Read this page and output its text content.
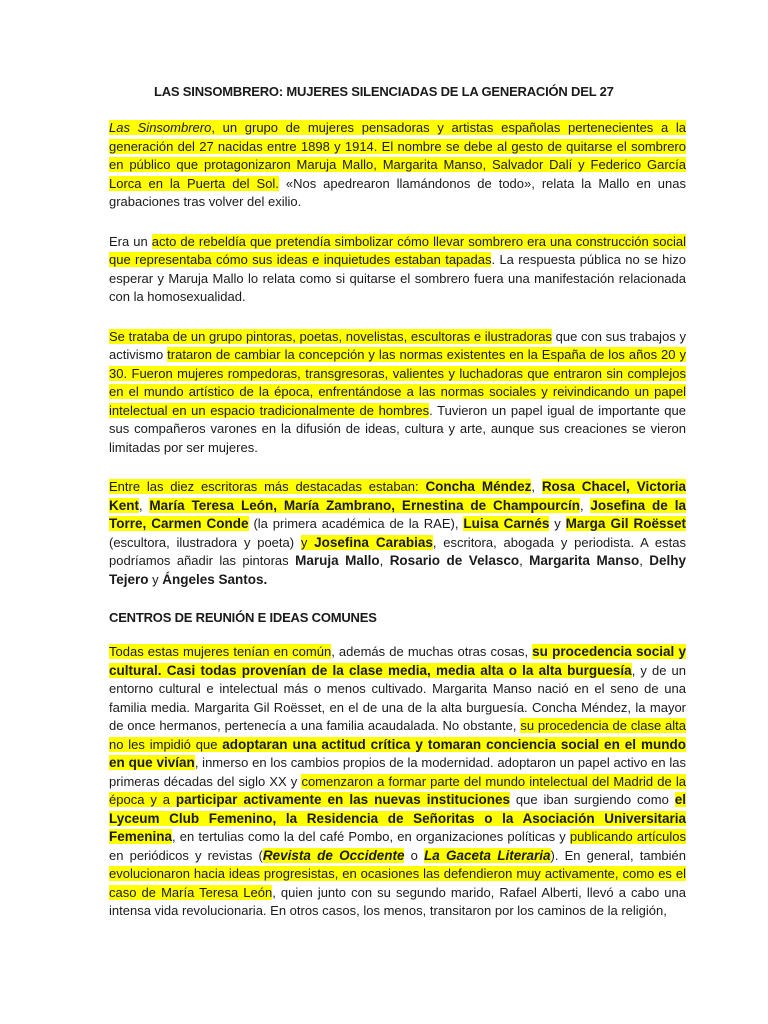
LAS SINSOMBRERO: MUJERES SILENCIADAS DE LA GENERACIÓN DEL 27

Las Sinsombrero, un grupo de mujeres pensadoras y artistas españolas pertenecientes a la generación del 27 nacidas entre 1898 y 1914. El nombre se debe al gesto de quitarse el sombrero en público que protagonizaron Maruja Mallo, Margarita Manso, Salvador Dalí y Federico García Lorca en la Puerta del Sol. «Nos apedrearon llamándonos de todo», relata la Mallo en unas grabaciones tras volver del exilio.

Era un acto de rebeldía que pretendía simbolizar cómo llevar sombrero era una construcción social que representaba cómo sus ideas e inquietudes estaban tapadas. La respuesta pública no se hizo esperar y Maruja Mallo lo relata como si quitarse el sombrero fuera una manifestación relacionada con la homosexualidad.

Se trataba de un grupo pintoras, poetas, novelistas, escultoras e ilustradoras que con sus trabajos y activismo trataron de cambiar la concepción y las normas existentes en la España de los años 20 y 30. Fueron mujeres rompedoras, transgresoras, valientes y luchadoras que entraron sin complejos en el mundo artístico de la época, enfrentándose a las normas sociales y reivindicando un papel intelectual en un espacio tradicionalmente de hombres. Tuvieron un papel igual de importante que sus compañeros varones en la difusión de ideas, cultura y arte, aunque sus creaciones se vieron limitadas por ser mujeres.

Entre las diez escritoras más destacadas estaban: Concha Méndez, Rosa Chacel, Victoria Kent, María Teresa León, María Zambrano, Ernestina de Champourcín, Josefina de la Torre, Carmen Conde (la primera académica de la RAE), Luisa Carnés y Marga Gil Roësset (escultora, ilustradora y poeta) y Josefina Carabias, escritora, abogada y periodista. A estas podríamos añadir las pintoras Maruja Mallo, Rosario de Velasco, Margarita Manso, Delhy Tejero y Ángeles Santos.

CENTROS DE REUNIÓN E IDEAS COMUNES

Todas estas mujeres tenían en común, además de muchas otras cosas, su procedencia social y cultural. Casi todas provenían de la clase media, media alta o la alta burguesía, y de un entorno cultural e intelectual más o menos cultivado. Margarita Manso nació en el seno de una familia media. Margarita Gil Roësset, en el de una de la alta burguesía. Concha Méndez, la mayor de once hermanos, pertenecía a una familia acaudalada. No obstante, su procedencia de clase alta no les impidió que adoptaran una actitud crítica y tomaran conciencia social en el mundo en que vivían, inmerso en los cambios propios de la modernidad. adoptaron un papel activo en las primeras décadas del siglo XX y comenzaron a formar parte del mundo intelectual del Madrid de la época y a participar activamente en las nuevas instituciones que iban surgiendo como el Lyceum Club Femenino, la Residencia de Señoritas o la Asociación Universitaria Femenina, en tertulias como la del café Pombo, en organizaciones políticas y publicando artículos en periódicos y revistas (Revista de Occidente o La Gaceta Literaria). En general, también evolucionaron hacia ideas progresistas, en ocasiones las defendieron muy activamente, como es el caso de María Teresa León, quien junto con su segundo marido, Rafael Alberti, llevó a cabo una intensa vida revolucionaria. En otros casos, los menos, transitaron por los caminos de la religión,
